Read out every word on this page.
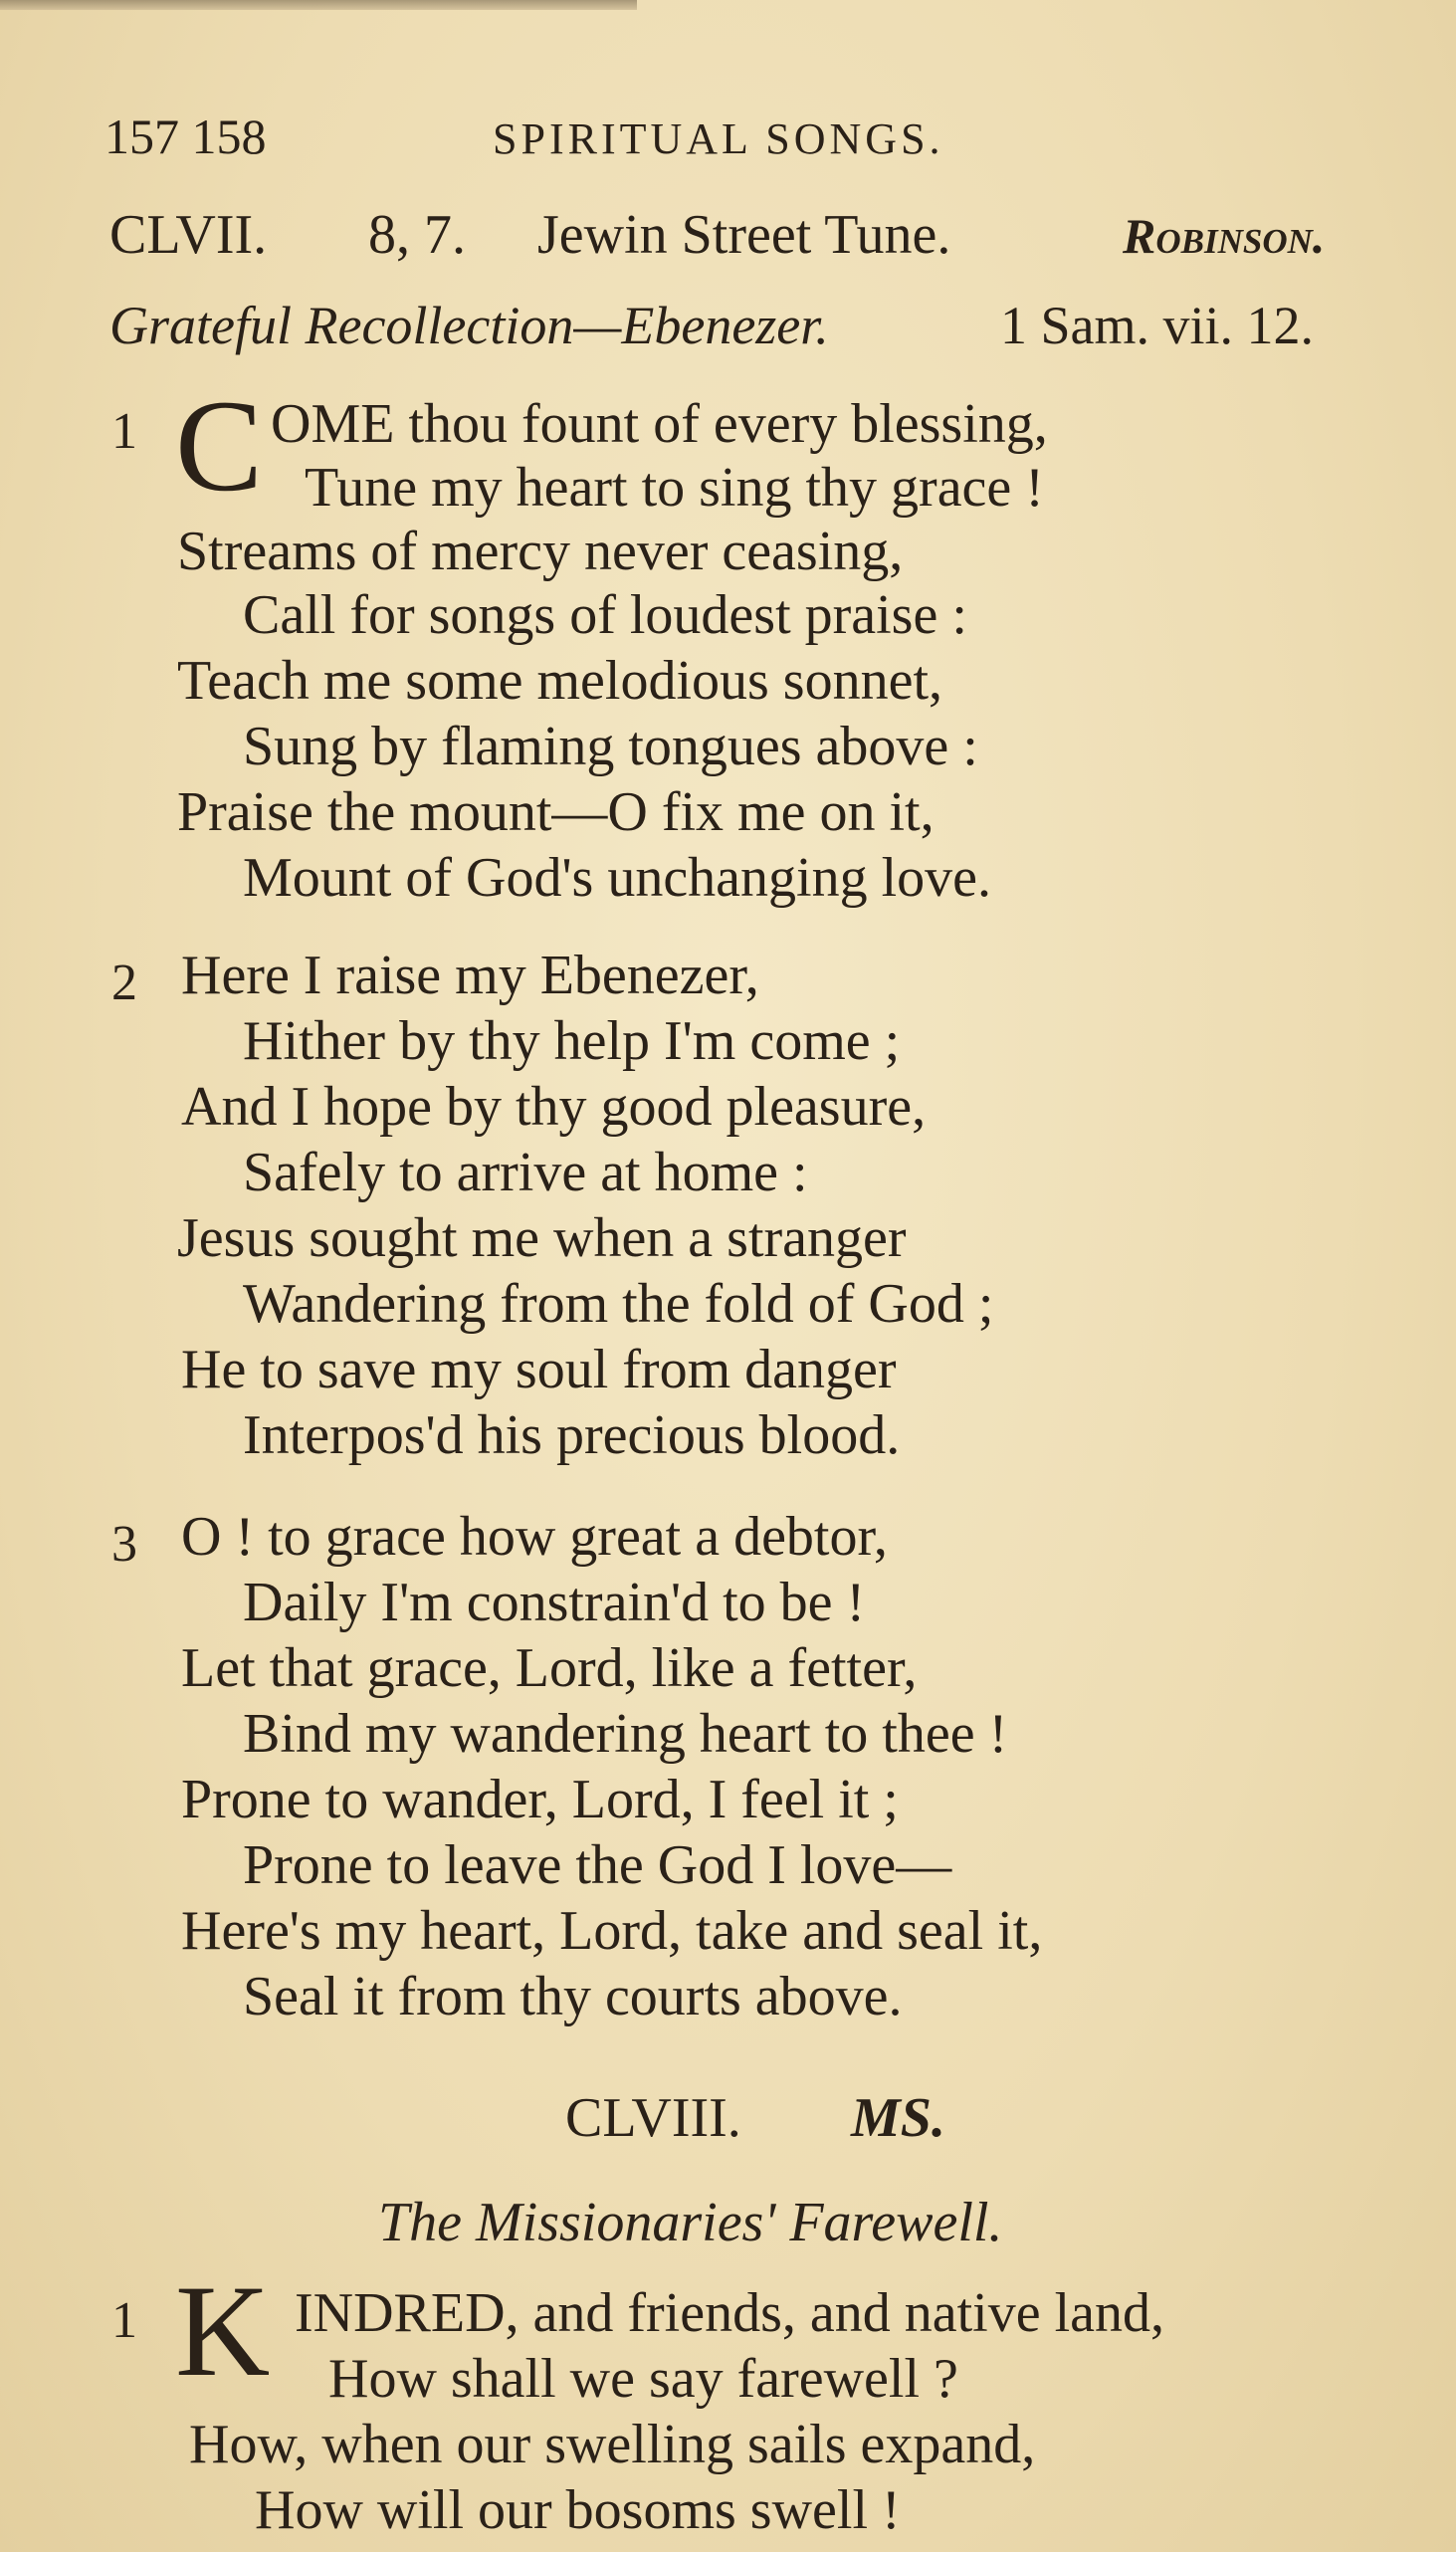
157 158	SPIRITUAL SONGS.
CLVII. 8, 7. Jewin Street Tune.	Robinson.
Grateful Recollection—Ebenezer.	1 Sam. vii. 12.
1 C OME thou fount of every blessing,
Tune my heart to sing thy grace !
Streams of mercy never ceasing,
Call for songs of loudest praise :
Teach me some melodious sonnet,
Sung by flaming tongues above :
Praise the mount—O fix me on it,
Mount of God's unchanging love.
2 Here I raise my Ebenezer,
Hither by thy help I'm come ;
And I hope by thy good pleasure,
Safely to arrive at home :
Jesus sought me when a stranger
Wandering from the fold of God ;
He to save my soul from danger
Interpos'd his precious blood.
3 O ! to grace how great a debtor,
Daily I'm constrain'd to be !
Let that grace, Lord, like a fetter,
Bind my wandering heart to thee !
Prone to wander, Lord, I feel it ;
Prone to leave the God I love—
Here's my heart, Lord, take and seal it,
Seal it from thy courts above.
CLVIII. MS.
The Missionaries' Farewell.
1 K INDRED, and friends, and native land,
How shall we say farewell ?
How, when our swelling sails expand,
How will our bosoms swell !
